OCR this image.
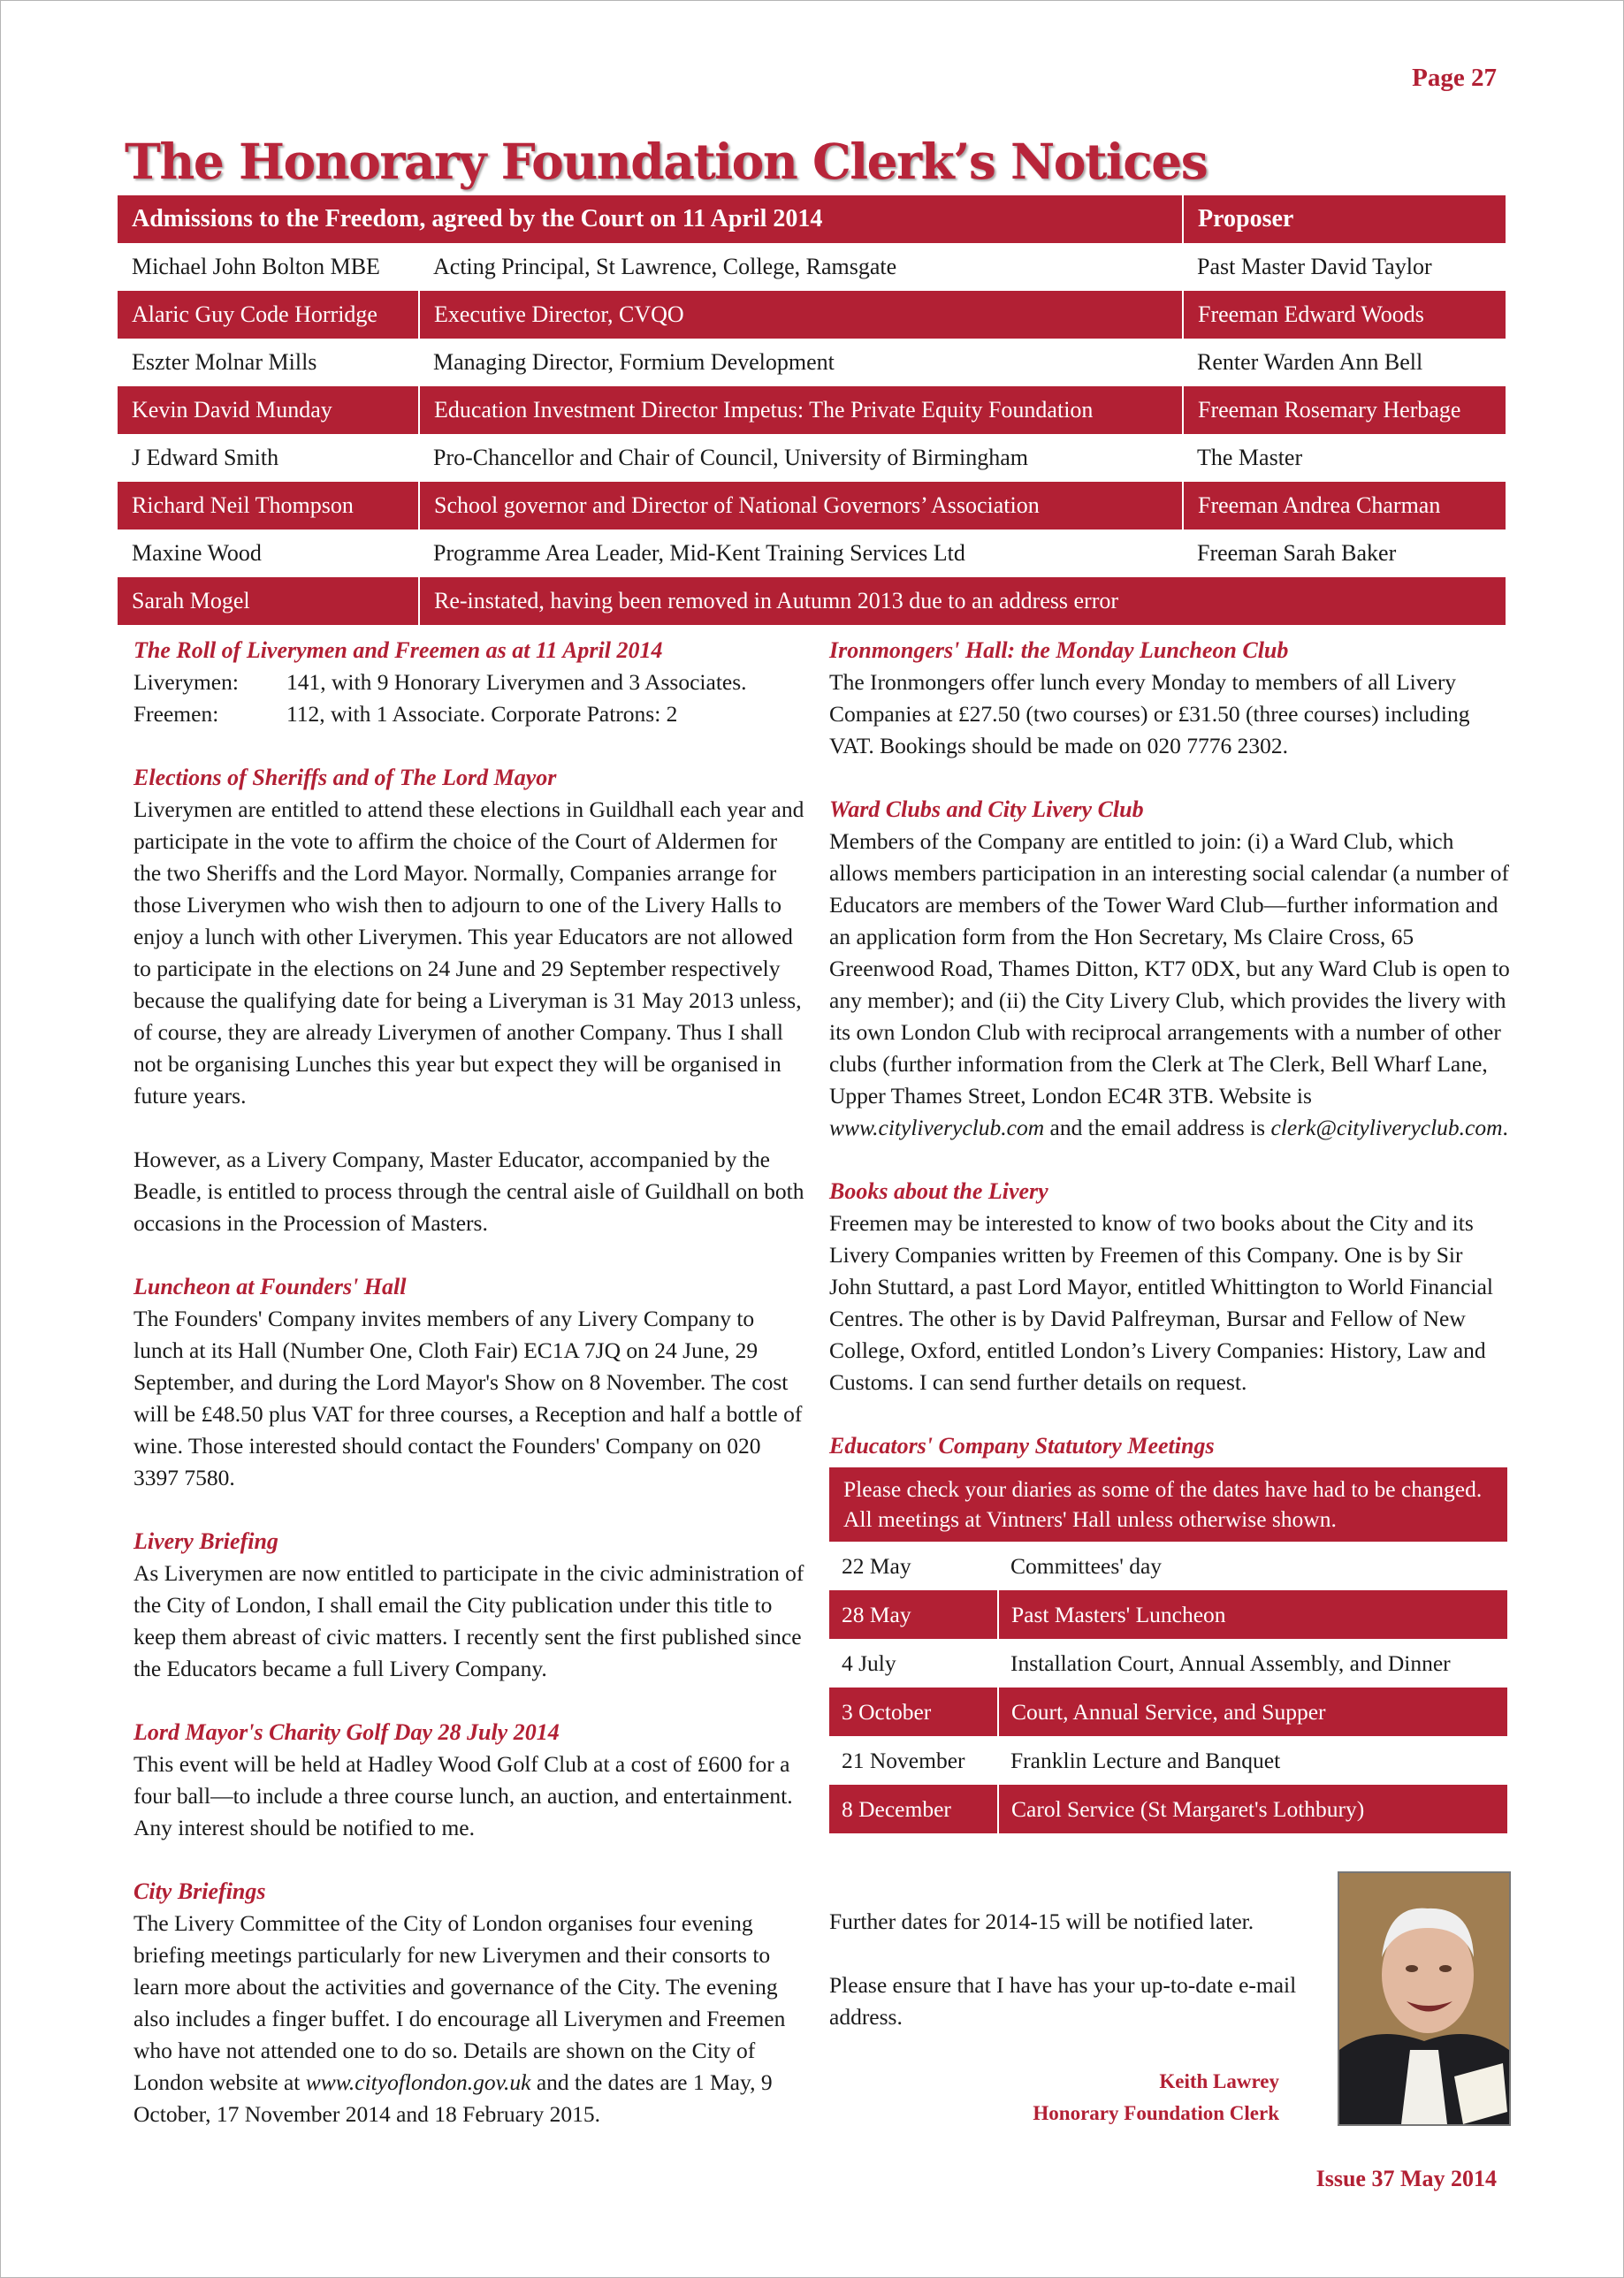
Page 27
The Honorary Foundation Clerk’s Notices
Admissions to the Freedom, agreed by the Court on 11 April 2014		Proposer
Michael John Bolton MBE	Acting Principal, St Lawrence, College, Ramsgate	Past Master David Taylor
Alaric Guy Code Horridge	Executive Director, CVQO	Freeman Edward Woods
Eszter Molnar Mills	Managing Director, Formium Development	Renter Warden Ann Bell
Kevin David Munday	Education Investment Director Impetus: The Private Equity Foundation	Freeman Rosemary Herbage
J Edward Smith	Pro-Chancellor and Chair of Council, University of Birmingham	The Master
Richard Neil Thompson	School governor and Director of National Governors’ Association	Freeman Andrea Charman
Maxine Wood	Programme Area Leader, Mid-Kent Training Services Ltd	Freeman Sarah Baker
Sarah Mogel	Re-instated, having been removed in Autumn 2013 due to an address error	
The Roll of Liverymen and Freemen as at 11 April 2014
Liverymen:	141, with 9 Honorary Liverymen and 3 Associates.
Freemen:	112, with 1 Associate. Corporate Patrons: 2
Elections of Sheriffs and of The Lord Mayor

Liverymen are entitled to attend these elections in Guildhall each year and participate in the vote to affirm the choice of the Court of Aldermen for the two Sheriffs and the Lord Mayor. Normally, Companies arrange for those Liverymen who wish then to adjourn to one of the Livery Halls to enjoy a lunch with other Liverymen. This year Educators are not allowed to participate in the elections on 24 June and 29 September respectively because the qualifying date for being a Liveryman is 31 May 2013 unless, of course, they are already Liverymen of another Company. Thus I shall not be organising Lunches this year but expect they will be organised in future years.

However, as a Livery Company, Master Educator, accompanied by the Beadle, is entitled to process through the central aisle of Guildhall on both occasions in the Procession of Masters.

Luncheon at Founders' Hall

The Founders' Company invites members of any Livery Company to lunch at its Hall (Number One, Cloth Fair) EC1A 7JQ on 24 June, 29 September, and during the Lord Mayor's Show on 8 November. The cost will be £48.50 plus VAT for three courses, a Reception and half a bottle of wine. Those interested should contact the Founders' Company on 020 3397 7580.

Livery Briefing

As Liverymen are now entitled to participate in the civic administration of the City of London, I shall email the City publication under this title to keep them abreast of civic matters. I recently sent the first published since the Educators became a full Livery Company.

Lord Mayor's Charity Golf Day 28 July 2014

This event will be held at Hadley Wood Golf Club at a cost of £600 for a four ball—to include a three course lunch, an auction, and entertainment. Any interest should be notified to me.

City Briefings

The Livery Committee of the City of London organises four evening briefing meetings particularly for new Liverymen and their consorts to learn more about the activities and governance of the City. The evening also includes a finger buffet. I do encourage all Liverymen and Freemen who have not attended one to do so. Details are shown on the City of London website at www.cityoflondon.gov.uk and the dates are 1 May, 9 October, 17 November 2014 and 18 February 2015.

Ironmongers' Hall: the Monday Luncheon Club

The Ironmongers offer lunch every Monday to members of all Livery Companies at £27.50 (two courses) or £31.50 (three courses) including VAT. Bookings should be made on 020 7776 2302.

Ward Clubs and City Livery Club

Members of the Company are entitled to join: (i) a Ward Club, which allows members participation in an interesting social calendar (a number of Educators are members of the Tower Ward Club—further information and an application form from the Hon Secretary, Ms Claire Cross, 65 Greenwood Road, Thames Ditton, KT7 0DX, but any Ward Club is open to any member); and (ii) the City Livery Club, which provides the livery with its own London Club with reciprocal arrangements with a number of other clubs (further information from the Clerk at The Clerk, Bell Wharf Lane, Upper Thames Street, London EC4R 3TB. Website is www.cityliveryclub.com and the email address is clerk@cityliveryclub.com.

Books about the Livery

Freemen may be interested to know of two books about the City and its Livery Companies written by Freemen of this Company. One is by Sir John Stuttard, a past Lord Mayor, entitled Whittington to World Financial Centres. The other is by David Palfreyman, Bursar and Fellow of New College, Oxford, entitled London’s Livery Companies: History, Law and Customs. I can send further details on request.

Educators' Company Statutory Meetings
Please check your diaries as some of the dates have had to be changed. All meetings at Vintners' Hall unless otherwise shown.	
22 May	Committees' day
28 May	Past Masters' Luncheon
4 July	Installation Court, Annual Assembly, and Dinner
3 October	Court, Annual Service, and Supper
21 November	Franklin Lecture and Banquet
8 December	Carol Service (St Margaret's Lothbury)

Further dates for 2014-15 will be notified later.

Please ensure that I have has your up-to-date e-mail address.

Keith Lawrey
Honorary Foundation Clerk
Issue 37 May 2014
